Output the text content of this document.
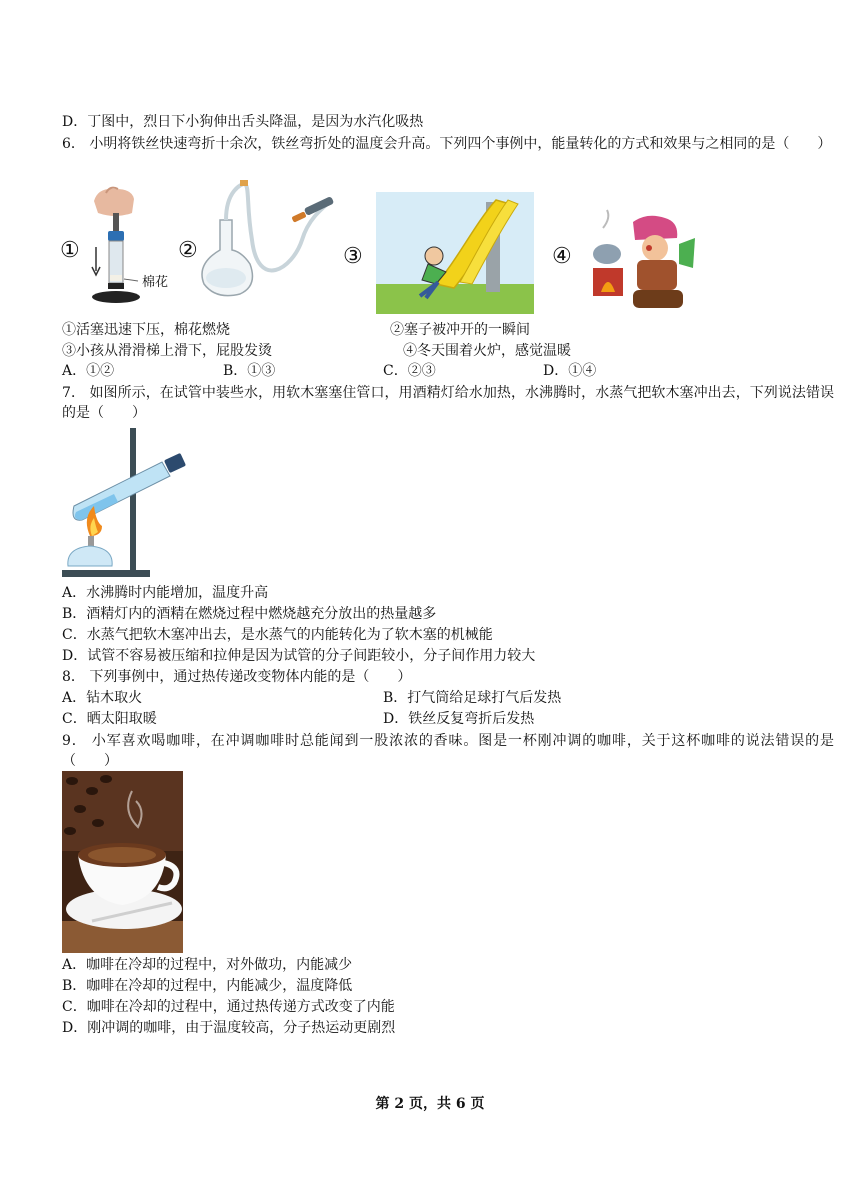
D．丁图中，烈日下小狗伸出舌头降温，是因为水汽化吸热
6． 小明将铁丝快速弯折十余次，铁丝弯折处的温度会升高。下列四个事例中，能量转化的方式和效果与之相同的是（　　）
①
棉花
②	③	④
①活塞迅速下压，棉花燃烧	②塞子被冲开的一瞬间
③小孩从滑滑梯上滑下，屁股发烫	④冬天围着火炉，感觉温暖
A．①②	B．①③	C．②③	D．①④
7． 如图所示，在试管中装些水，用软木塞塞住管口，用酒精灯给水加热，水沸腾时，水蒸气把软木塞冲出去，下列说法错误的是（　　）
A．水沸腾时内能增加，温度升高
B．酒精灯内的酒精在燃烧过程中燃烧越充分放出的热量越多
C．水蒸气把软木塞冲出去，是水蒸气的内能转化为了软木塞的机械能
D．试管不容易被压缩和拉伸是因为试管的分子间距较小，分子间作用力较大
8． 下列事例中，通过热传递改变物体内能的是（　　）
A．钻木取火	B．打气筒给足球打气后发热
C．晒太阳取暖	D．铁丝反复弯折后发热
9． 小军喜欢喝咖啡，在冲调咖啡时总能闻到一股浓浓的香味。图是一杯刚冲调的咖啡，关于这杯咖啡的说法错误的是（　　）
A．咖啡在冷却的过程中，对外做功，内能减少
B．咖啡在冷却的过程中，内能减少，温度降低
C．咖啡在冷却的过程中，通过热传递方式改变了内能
D．刚冲调的咖啡，由于温度较高，分子热运动更剧烈
第 2 页，共 6 页
